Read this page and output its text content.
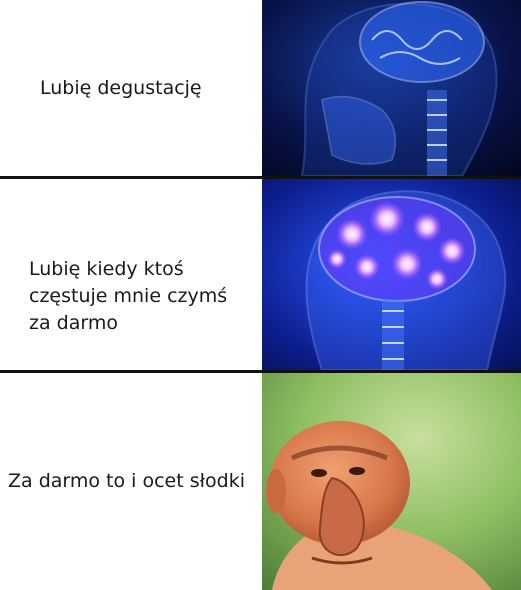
Lubię degustację

Lubię kiedy ktoś
częstuje mnie czymś
za darmo

Za darmo to i ocet słodki
